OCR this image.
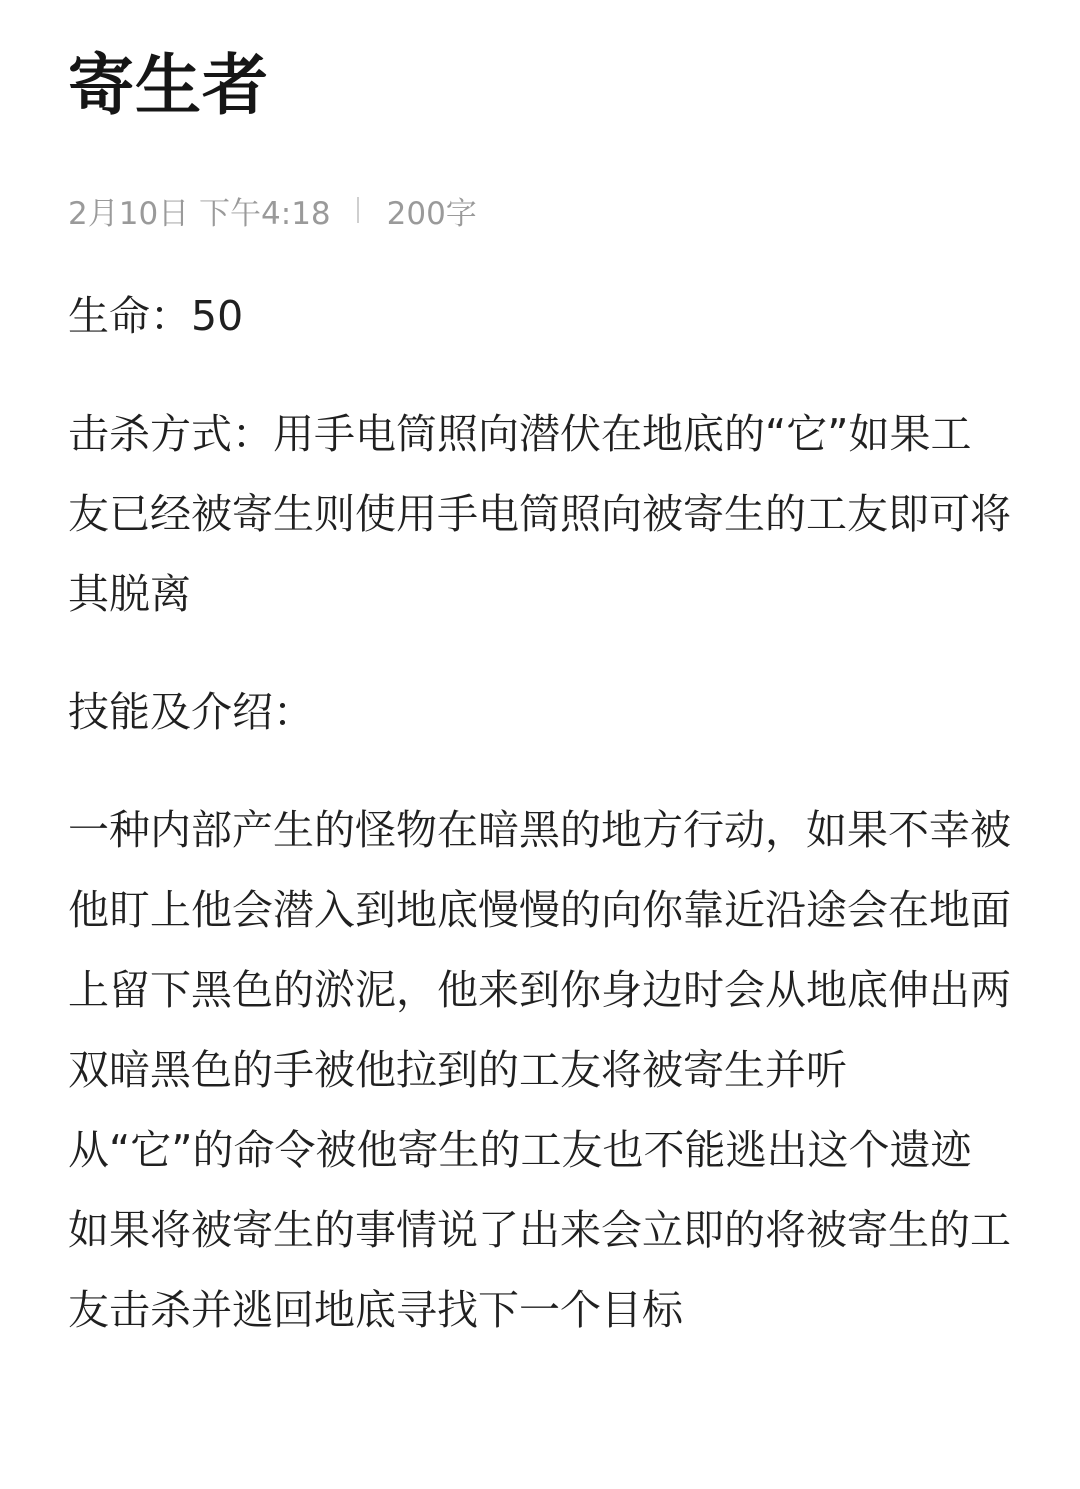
寄生者
2月10日 下午4:18 200字

生命：50

击杀方式：用手电筒照向潜伏在地底的“它”如果工友已经被寄生则使用手电筒照向被寄生的工友即可将其脱离

技能及介绍：

一种内部产生的怪物在暗黑的地方行动，如果不幸被他盯上他会潜入到地底慢慢的向你靠近沿途会在地面上留下黑色的淤泥，他来到你身边时会从地底伸出两双暗黑色的手被他拉到的工友将被寄生并听从“它”的命令被他寄生的工友也不能逃出这个遗迹如果将被寄生的事情说了出来会立即的将被寄生的工友击杀并逃回地底寻找下一个目标
